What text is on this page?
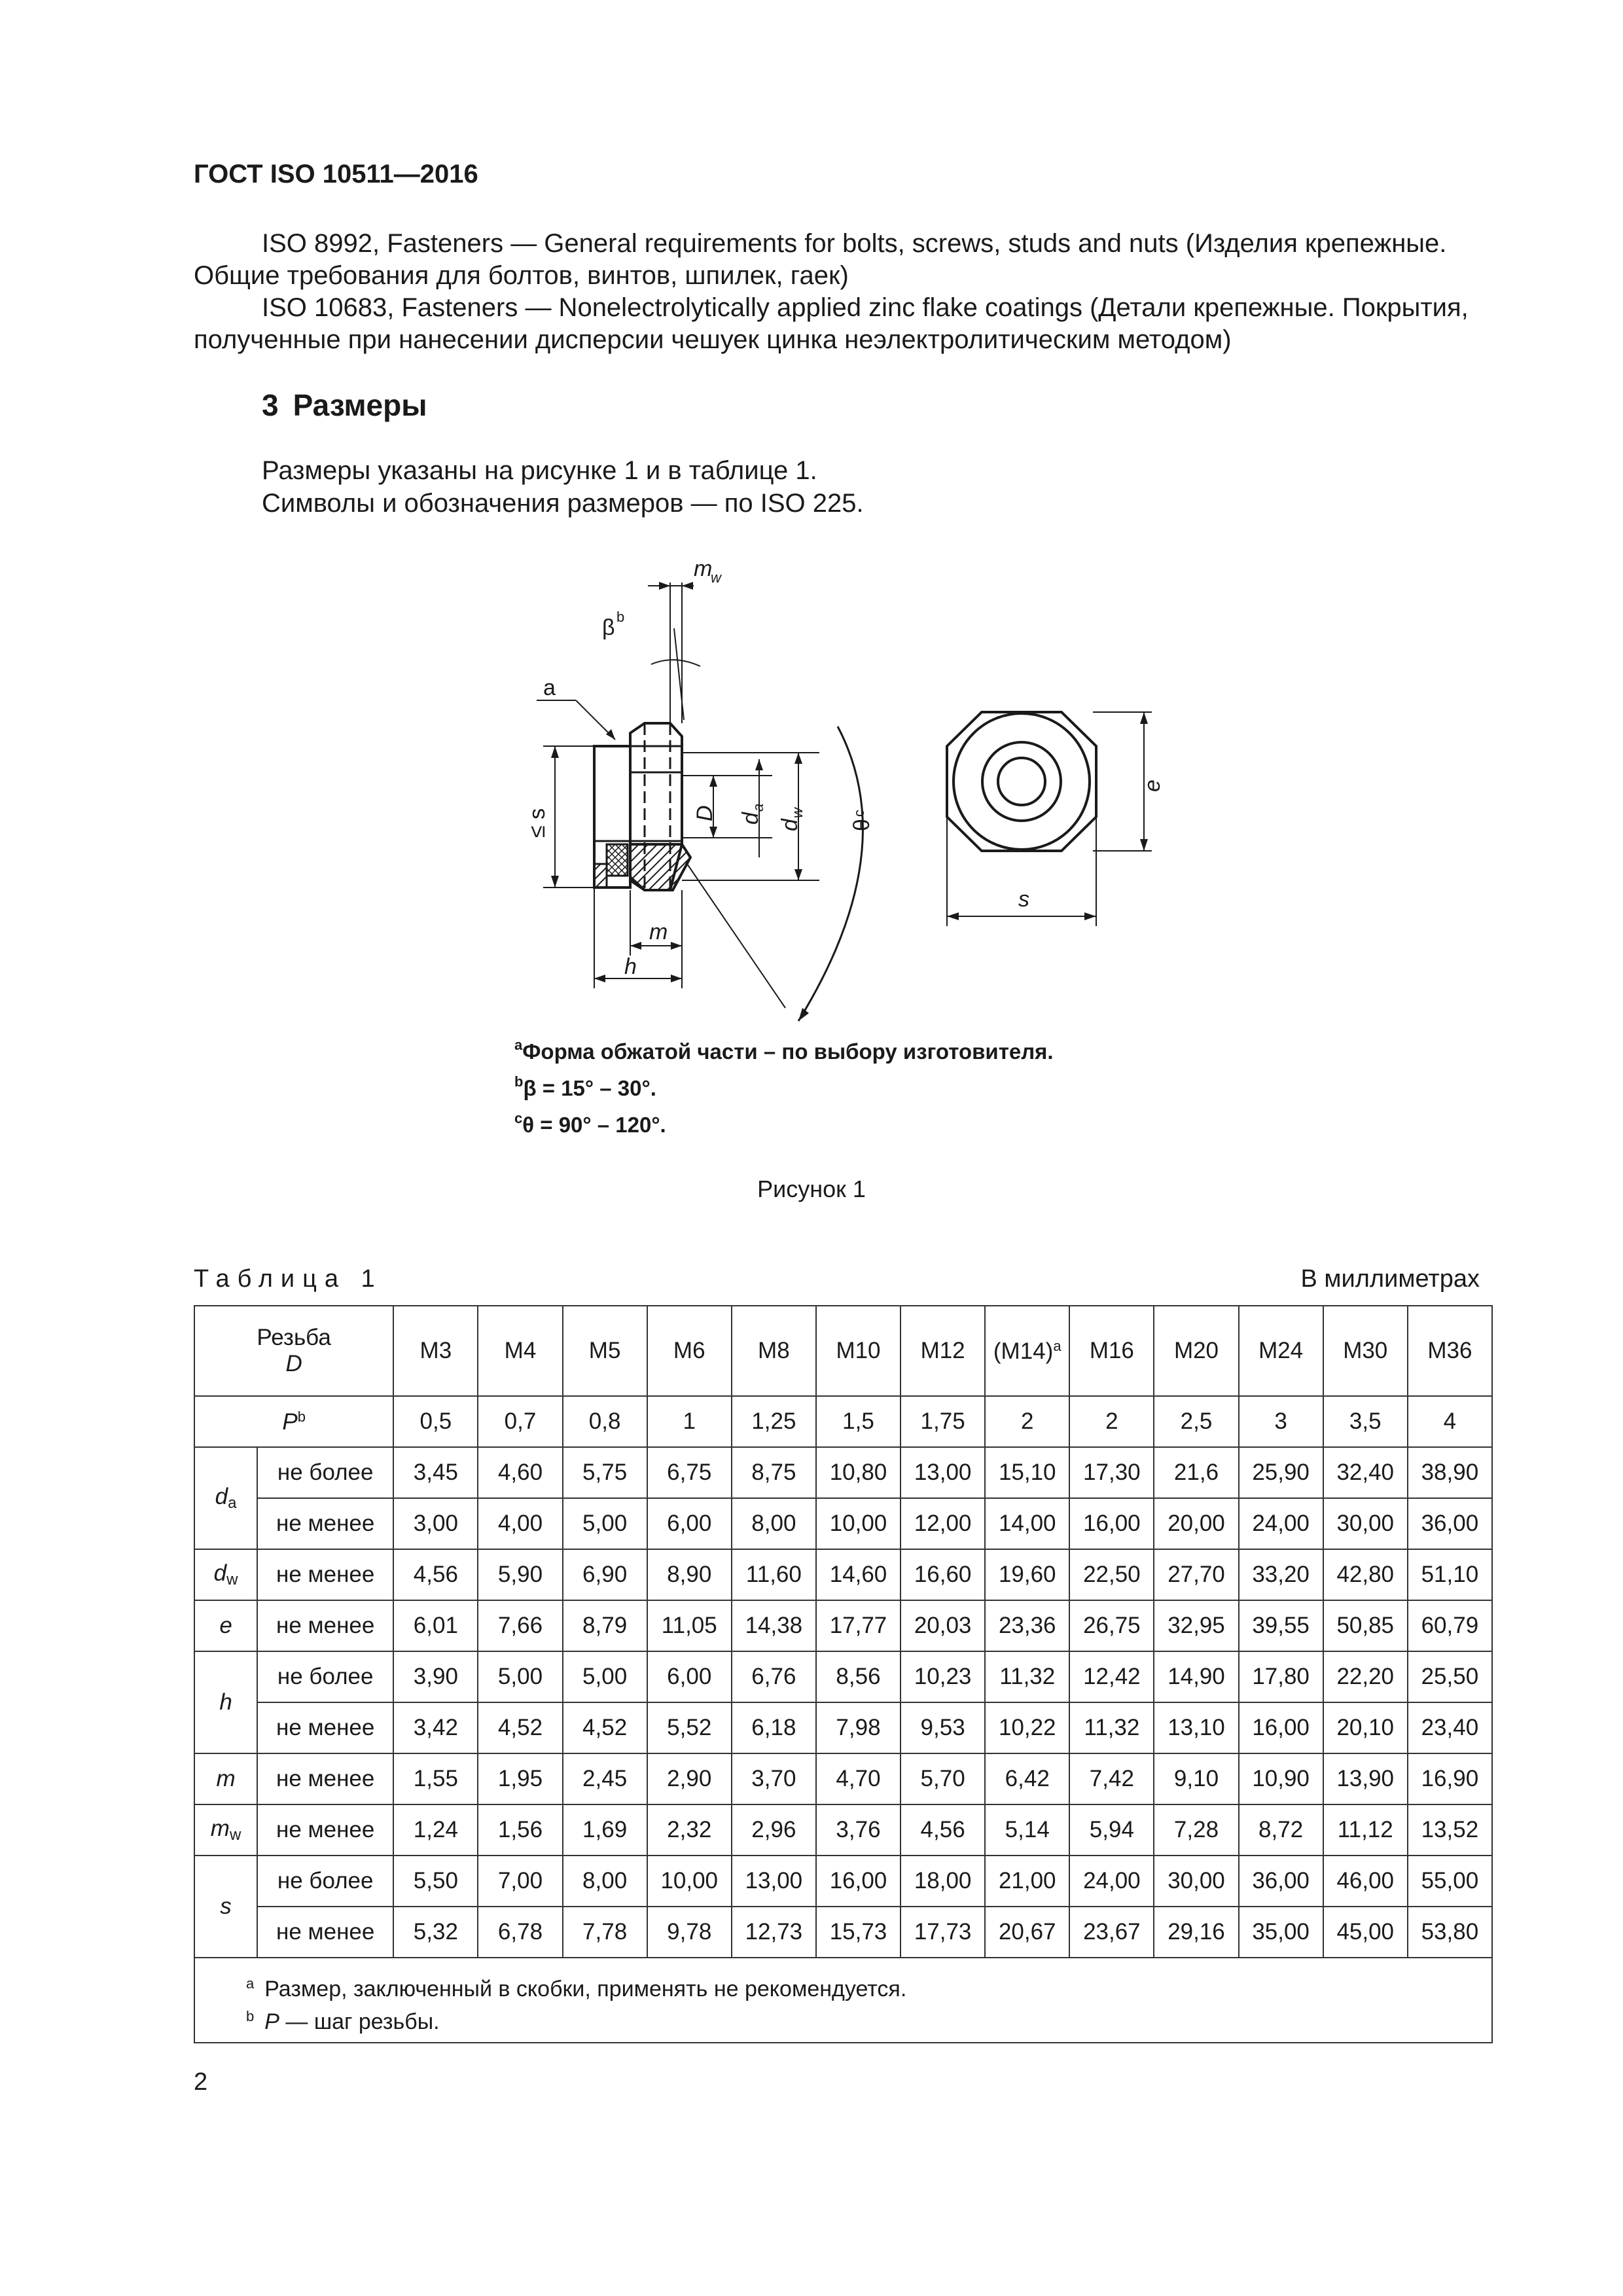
ГОСТ ISO 10511—2016
ISO 8992, Fasteners — General requirements for bolts, screws, studs and nuts (Изделия крепежные. Общие требования для болтов, винтов, шпилек, гаек)
ISO 10683, Fasteners — Nonelectrolytically applied zinc flake coatings (Детали крепежные. Покрытия, полученные при нанесении дисперсии чешуек цинка неэлектролитическим методом)
3 Размеры
Размеры указаны на рисунке 1 и в таблице 1.
Символы и обозначения размеров — по ISO 225.
m
w
β b
a
≤ s	D d
a
d
w
θ
c
m
h
e
s
$^a$Форма обжатой части – по выбору изготовителя.
$^b$β = 15° – 30°.
$^c$θ = 90° – 120°.
Рисунок 1
Таблица 1	В миллиметрах
Резьба
D		M3	M4	M5	M6	M8	M10	M12	$(M14)^a$	M16	M20	M24	M30	M36
$P^b$		0,5	0,7	0,8	1	1,25	1,5	1,75	2	2	2,5	3	3,5	4
$d_a$	не более	3,45	4,60	5,75	6,75	8,75	10,80	13,00	15,10	17,30	21,6	25,90	32,40	38,90
	не менее	3,00	4,00	5,00	6,00	8,00	10,00	12,00	14,00	16,00	20,00	24,00	30,00	36,00
$d_w$	не менее	4,56	5,90	6,90	8,90	11,60	14,60	16,60	19,60	22,50	27,70	33,20	42,80	51,10
e	не менее	6,01	7,66	8,79	11,05	14,38	17,77	20,03	23,36	26,75	32,95	39,55	50,85	60,79
h	не более	3,90	5,00	5,00	6,00	6,76	8,56	10,23	11,32	12,42	14,90	17,80	22,20	25,50
	не менее	3,42	4,52	4,52	5,52	6,18	7,98	9,53	10,22	11,32	13,10	16,00	20,10	23,40
m	не менее	1,55	1,95	2,45	2,90	3,70	4,70	5,70	6,42	7,42	9,10	10,90	13,90	16,90
$m_w$	не менее	1,24	1,56	1,69	2,32	2,96	3,76	4,56	5,14	5,94	7,28	8,72	11,12	13,52
s	не более	5,50	7,00	8,00	10,00	13,00	16,00	18,00	21,00	24,00	30,00	36,00	46,00	55,00
	не менее	5,32	6,78	7,78	9,78	12,73	15,73	17,73	20,67	23,67	29,16	35,00	45,00	53,80

$^a$ Размер, заключенный в скобки, применять не рекомендуется.
$^b$ P — шаг резьбы.														
2
